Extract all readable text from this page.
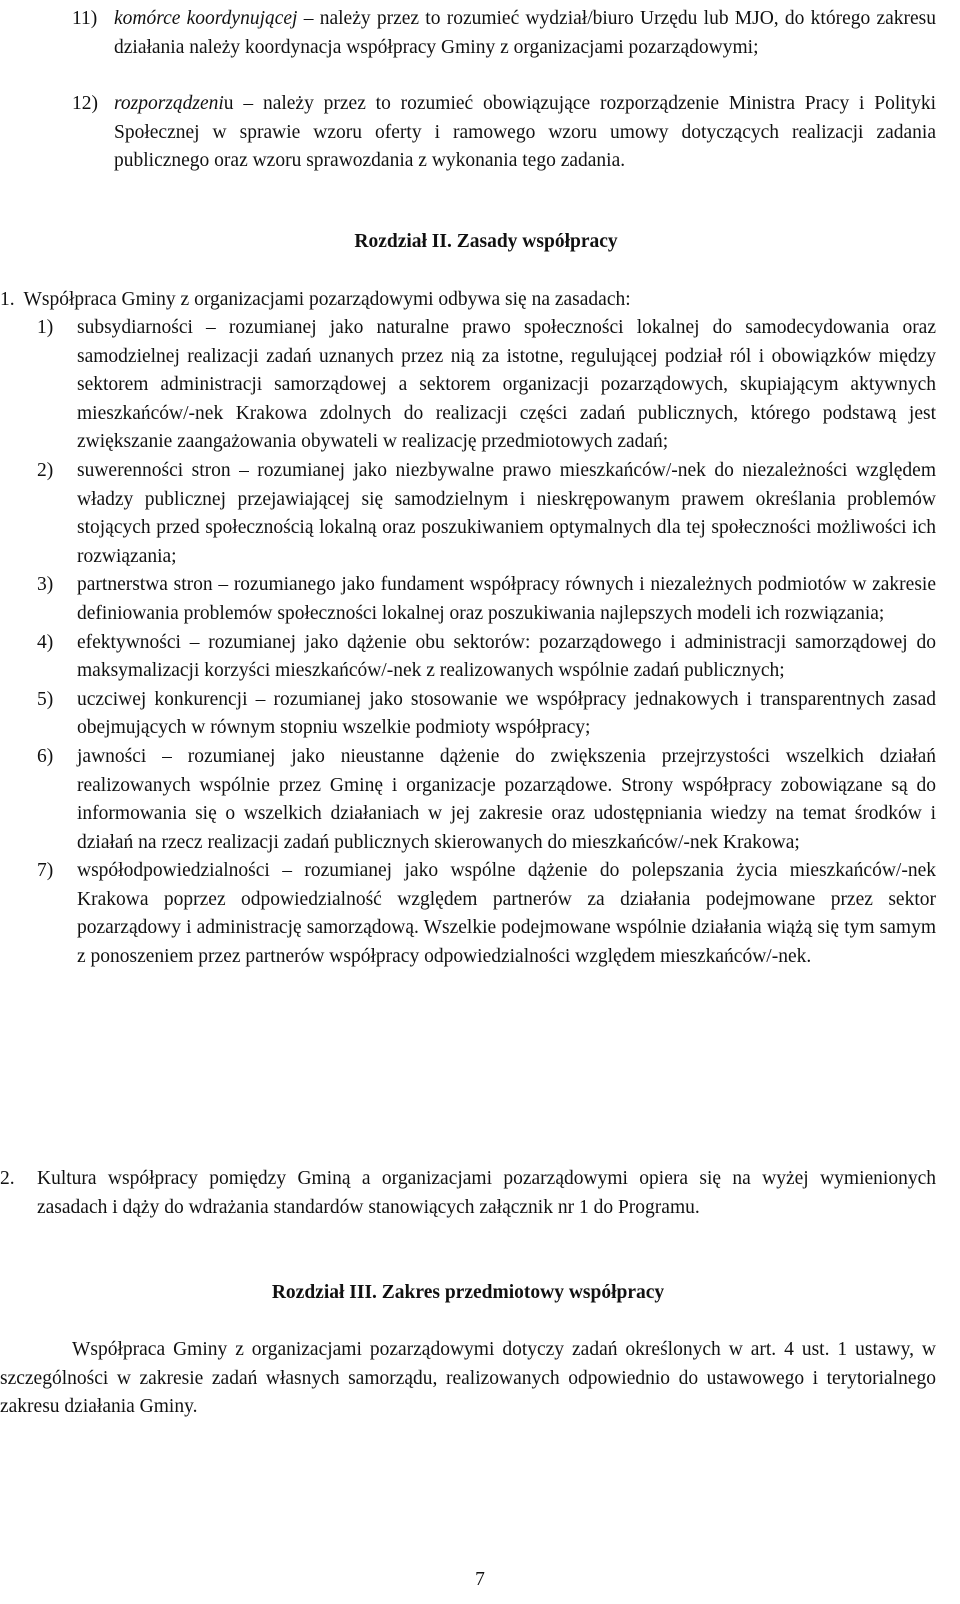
11) komórce koordynującej – należy przez to rozumieć wydział/biuro Urzędu lub MJO, do którego zakresu działania należy koordynacja współpracy Gminy z organizacjami pozarządowymi;
12) rozporządzeniu – należy przez to rozumieć obowiązujące rozporządzenie Ministra Pracy i Polityki Społecznej w sprawie wzoru oferty i ramowego wzoru umowy dotyczących realizacji zadania publicznego oraz wzoru sprawozdania z wykonania tego zadania.
Rozdział II. Zasady współpracy
1. Współpraca Gminy z organizacjami pozarządowymi odbywa się na zasadach:
1) subsydiarności – rozumianej jako naturalne prawo społeczności lokalnej do samodecydowania oraz samodzielnej realizacji zadań uznanych przez nią za istotne, regulującej podział ról i obowiązków między sektorem administracji samorządowej a sektorem organizacji pozarządowych, skupiającym aktywnych mieszkańców/-nek Krakowa zdolnych do realizacji części zadań publicznych, którego podstawą jest zwiększanie zaangażowania obywateli w realizację przedmiotowych zadań;
2) suwerenności stron – rozumianej jako niezbywalne prawo mieszkańców/-nek do niezależności względem władzy publicznej przejawiającej się samodzielnym i nieskrępowanym prawem określania problemów stojących przed społecznością lokalną oraz poszukiwaniem optymalnych dla tej społeczności możliwości ich rozwiązania;
3) partnerstwa stron – rozumianego jako fundament współpracy równych i niezależnych podmiotów w zakresie definiowania problemów społeczności lokalnej oraz poszukiwania najlepszych modeli ich rozwiązania;
4) efektywności – rozumianej jako dążenie obu sektorów: pozarządowego i administracji samorządowej do maksymalizacji korzyści mieszkańców/-nek z realizowanych wspólnie zadań publicznych;
5) uczciwej konkurencji – rozumianej jako stosowanie we współpracy jednakowych i transparentnych zasad obejmujących w równym stopniu wszelkie podmioty współpracy;
6) jawności – rozumianej jako nieustanne dążenie do zwiększenia przejrzystości wszelkich działań realizowanych wspólnie przez Gminę i organizacje pozarządowe. Strony współpracy zobowiązane są do informowania się o wszelkich działaniach w jej zakresie oraz udostępniania wiedzy na temat środków i działań na rzecz realizacji zadań publicznych skierowanych do mieszkańców/-nek Krakowa;
7) współodpowiedzialności – rozumianej jako wspólne dążenie do polepszania życia mieszkańców/-nek Krakowa poprzez odpowiedzialność względem partnerów za działania podejmowane przez sektor pozarządowy i administrację samorządową. Wszelkie podejmowane wspólnie działania wiążą się tym samym z ponoszeniem przez partnerów współpracy odpowiedzialności względem mieszkańców/-nek.
2. Kultura współpracy pomiędzy Gminą a organizacjami pozarządowymi opiera się na wyżej wymienionych zasadach i dąży do wdrażania standardów stanowiących załącznik nr 1 do Programu.
Rozdział III. Zakres przedmiotowy współpracy
Współpraca Gminy z organizacjami pozarządowymi dotyczy zadań określonych w art. 4 ust. 1 ustawy, w szczególności w zakresie zadań własnych samorządu, realizowanych odpowiednio do ustawowego i terytorialnego zakresu działania Gminy.
7
